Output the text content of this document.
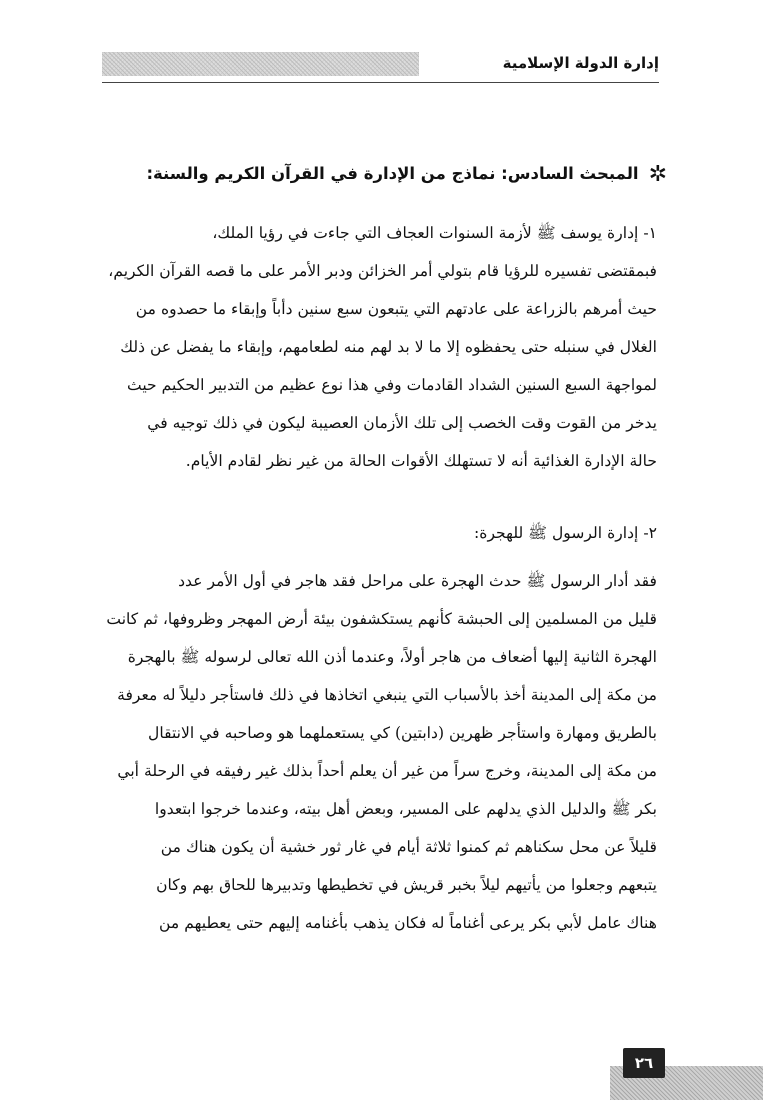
إدارة الدولة الإسلامية
✲المبحث السادس: نماذج من الإدارة في القرآن الكريم والسنة:
١- إدارة يوسف ﷺ لأزمة السنوات العجاف التي جاءت في رؤيا الملك،
فبمقتضى تفسيره للرؤيا قام بتولي أمر الخزائن ودبر الأمر على ما قصه القرآن الكريم،
حيث أمرهم بالزراعة على عادتهم التي يتبعون سبع سنين دأباً وإبقاء ما حصدوه من
الغلال في سنبله حتى يحفظوه إلا ما لا بد لهم منه لطعامهم، وإبقاء ما يفضل عن ذلك
لمواجهة السبع السنين الشداد القادمات وفي هذا نوع عظيم من التدبير الحكيم حيث
يدخر من القوت وقت الخصب إلى تلك الأزمان العصيبة ليكون في ذلك توجيه في
حالة الإدارة الغذائية أنه لا تستهلك الأقوات الحالة من غير نظر لقادم الأيام.
٢- إدارة الرسول ﷺ للهجرة:
فقد أدار الرسول ﷺ حدث الهجرة على مراحل فقد هاجر في أول الأمر عدد
قليل من المسلمين إلى الحبشة كأنهم يستكشفون بيئة أرض المهجر وظروفها، ثم كانت
الهجرة الثانية إليها أضعاف من هاجر أولاً، وعندما أذن الله تعالى لرسوله ﷺ بالهجرة
من مكة إلى المدينة أخذ بالأسباب التي ينبغي اتخاذها في ذلك فاستأجر دليلاً له معرفة
بالطريق ومهارة واستأجر ظهرين (دابتين) كي يستعملهما هو وصاحبه في الانتقال
من مكة إلى المدينة، وخرج سراً من غير أن يعلم أحداً بذلك غير رفيقه في الرحلة أبي
بكر ﷺ والدليل الذي يدلهم على المسير، وبعض أهل بيته، وعندما خرجوا ابتعدوا
قليلاً عن محل سكناهم ثم كمنوا ثلاثة أيام في غار ثور خشية أن يكون هناك من
يتبعهم وجعلوا من يأتيهم ليلاً بخبر قريش في تخطيطها وتدبيرها للحاق بهم وكان
هناك عامل لأبي بكر يرعى أغناماً له فكان يذهب بأغنامه إليهم حتى يعطيهم من
٢٦
